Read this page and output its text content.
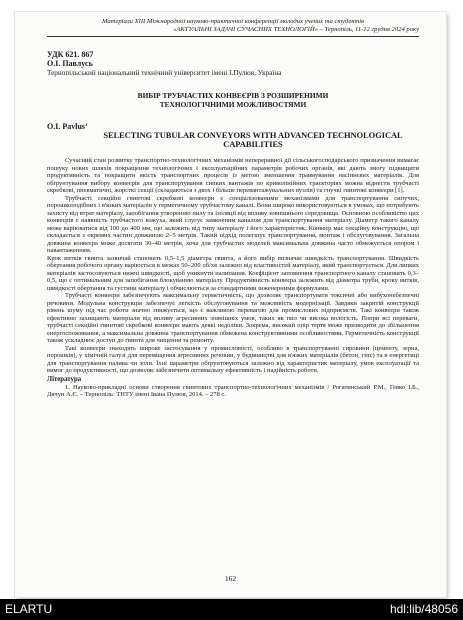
Матеріали XIII Міжнародної науково-практичної конференції молодих учених та студентів
«АКТУАЛЬНІ ЗАДАЧІ СУЧАСНИХ ТЕХНОЛОГІЙ» – Тернопіль, 11-12 грудня 2024 року
УДК 621. 867
О.І. Павлусь
Тернопільський національний технічний університет імені І.Пулюя, Україна
ВИБІР ТРУБЧАСТИХ КОНВЕЄРІВ З РОЗШИРЕНИМИ
ТЕХНОЛОГІЧНИМИ МОЖЛИВОСТЯМИ
O.I. Pavlus’
SELECTING TUBULAR CONVEYORS WITH ADVANCED TECHNOLOGICAL
CAPABILITIES

Сучасний стан розвитку транспортно-технологічних механізмів непереривної дії сільськогосподарського призначення вимагає пошуку нових шляхів покращення технологічних і експлуатаційних параметрів робочих органів, які дають змогу підвищити продуктивність та покращити якість транспортних процесів із метою зменшення травмування насіннєвих матеріалів. Для обґрунтування вибору конвеєрів для транспортування сипких вантажів по криволінійних траєкторіях можна віднести трубчасті скребкові, пневматичні, жорсткі секції (складаються з двох і більше перевантажувальних вузлів) та гнучкі гвинтові конвеєри [1].

Трубчасті секційні гвинтові скребкові конвеєри є спеціалізованими механізмами для транспортування сипучих, порошкоподібних і в'язких матеріалів у герметичному трубчастому каналі. Вони широко використовуються в умовах, що потребують захисту від втрат матеріалу, запобігання утворенню пилу та ізоляції від впливу зовнішнього середовища. Основною особливістю цих конвеєрів є наявність трубчастого кожуха, який слугує замкненим каналом для транспортування матеріалу. Діаметр такого каналу може варіюватися від 100 до 400 мм, що залежить від типу матеріалу і його характеристик. Конвеєр має секційну конструкцію, що складається з окремих частин довжиною 2–5 метрів. Такий підхід полегшує транспортування, монтаж і обслуговування. Загальна довжина конвеєра може досягати 30–40 метрів, хоча для трубчастих моделей максимальна довжина часто обмежується опором і навантаженням.

Крок витків гвинта зазвичай становить 0,5–1,5 діаметра гвинта, а його вибір визначає швидкість транспортування. Швидкість обертання робочого органу варіюється в межах 50–200 об/хв залежно від властивостей матеріалу, який транспортується. Для липких матеріалів застосовуються нижчі швидкості, щоб уникнути налипання. Коефіцієнт заповнення транспортного каналу становить 0,3–0,5, що є оптимальним для запобігання блокуванню матеріалу. Продуктивність конвеєра залежить від діаметра труби, кроку витків, швидкості обертання та густини матеріалу і обчислюється за стандартними інженерними формулами.

Трубчасті конвеєри забезпечують максимальну герметичність, що дозволяє транспортувати токсичні або вибухонебезпечні речовини. Модульна конструкція забезпечує легкість обслуговування та можливість модернізації. Завдяки закритій конструкції рівень шуму під час роботи значно знижується, що є важливою перевагою для промислових підприємств. Такі конвеєри також ефективно захищають матеріали від впливу агресивних зовнішніх умов, таких як пил чи висока вологість. Попри всі переваги, трубчасті секційні гвинтові скребкові конвеєри мають деякі недоліки. Зокрема, високий опір тертя може призводити до збільшення енергоспоживання, а максимальна довжина транспортування обмежена конструктивними особливостями. Герметичність конструкції також ускладнює доступ до гвинта для чищення та ремонту.

Такі конвеєри знаходять широке застосування у промисловості, особливо в транспортуванні сировини (цементу, зерна, порошків), у хімічній галузі для переміщення агресивних речовин, у будівництві для в'язких матеріалів (бетон, гіпс) та в енергетиці для транспортування палива чи золи. Їхні параметри обґрунтовуються залежно від характеристик матеріалу, умов експлуатації та вимог до продуктивності, що дозволяє забезпечити оптимальну ефективність і надійність роботи.

Література
1. Науково-прикладні основи створення гвинтових транспортно-технологічних механізмів / Рогатинський Р.М., Гевко І.Б., Дячун А.Є. – Тернопіль: ТНТУ імені Івана Пулюя, 2014. – 278 с.
162
ELARTU	hdl:lib/48056
